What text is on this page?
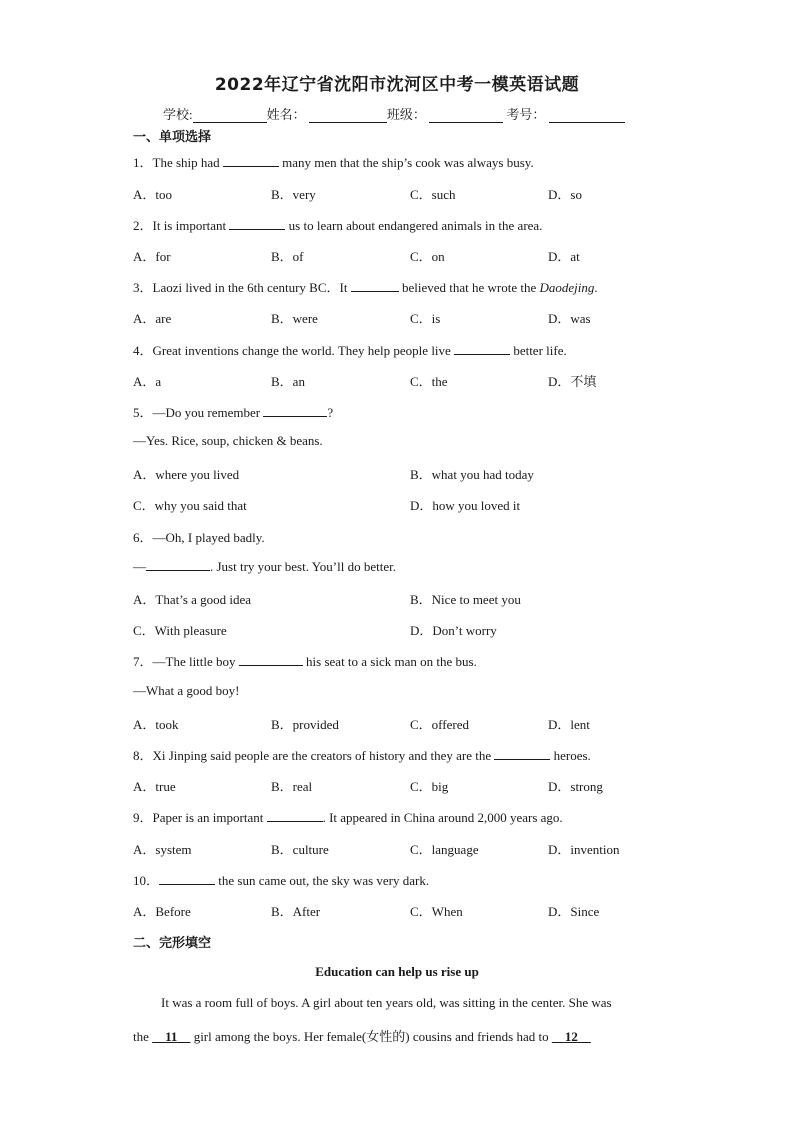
2022年辽宁省沈阳市沈河区中考一模英语试题
学校:	姓名：	班级：	考号：
一、单项选择
1．The ship had	many men that the ship’s cook was always busy.
A．too	B．very	C．such	D．so
2．It is important	us to learn about endangered animals in the area.
A．for	B．of	C．on	D．at
3．Laozi lived in the 6th century BC．It	believed that he wrote the Daodejing.
A．are	B．were	C．is	D．was
4．Great inventions change the world. They help people live	better life.
A．a	B．an	C．the	D．不填
5．—Do you remember	?
—Yes. Rice, soup, chicken & beans.
A．where you lived	B．what you had today
C．why you said that	D．how you loved it
6．—Oh, I played badly.
—	. Just try your best. You’ll do better.
A．That’s a good idea	B．Nice to meet you
C．With pleasure	D．Don’t worry
7．—The little boy	his seat to a sick man on the bus.
—What a good boy!
A．took	B．provided	C．offered	D．lent
8．Xi Jinping said people are the creators of history and they are the	heroes.
A．true	B．real	C．big	D．strong
9．Paper is an important	. It appeared in China around 2,000 years ago.
A．system	B．culture	C．language	D．invention
10．	the sun came out, the sky was very dark.
A．Before	B．After	C．When	D．Since
二、完形填空
Education can help us rise up
It was a room full of boys. A girl about ten years old, was sitting in the center. She was
the     11     girl among the boys. Her female(女性的) cousins and friends had to     12
